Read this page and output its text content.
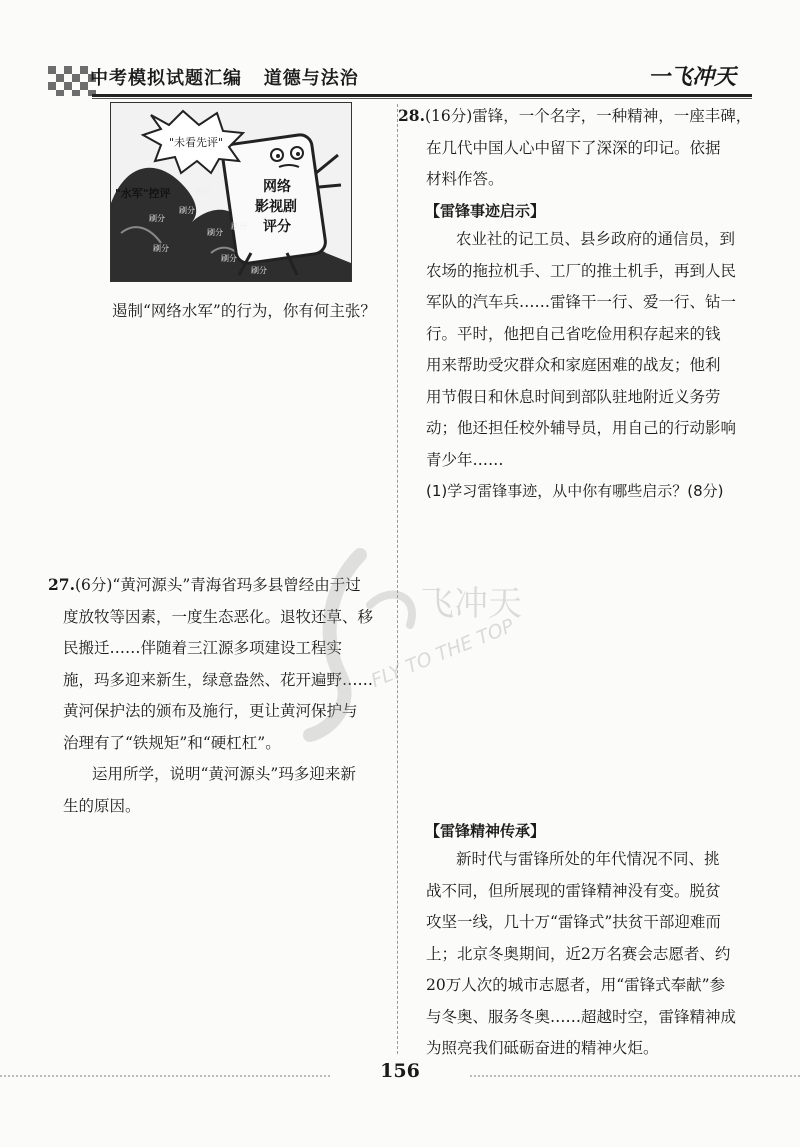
中考模拟试题汇编   道德与法治	一飞冲天
网络
影视剧
评分
"未看先评"
"水军"控评	刷分
刷分
刷分
刷分
刷分
刷分
刷分
刷分
遏制“网络水军”的行为，你有何主张？
27.(6分)“黄河源头”青海省玛多县曾经由于过
度放牧等因素，一度生态恶化。退牧还草、移
民搬迁……伴随着三江源多项建设工程实
施，玛多迎来新生，绿意盎然、花开遍野……
黄河保护法的颁布及施行，更让黄河保护与
治理有了“铁规矩”和“硬杠杠”。
运用所学，说明“黄河源头”玛多迎来新
生的原因。
28.(16分)雷锋，一个名字，一种精神，一座丰碑，
在几代中国人心中留下了深深的印记。依据
材料作答。
【雷锋事迹启示】
农业社的记工员、县乡政府的通信员，到
农场的拖拉机手、工厂的推土机手，再到人民
军队的汽车兵……雷锋干一行、爱一行、钻一
行。平时，他把自己省吃俭用积存起来的钱
用来帮助受灾群众和家庭困难的战友；他利
用节假日和休息时间到部队驻地附近义务劳
动；他还担任校外辅导员，用自己的行动影响
青少年……
(1)学习雷锋事迹，从中你有哪些启示？(8分)
【雷锋精神传承】
新时代与雷锋所处的年代情况不同、挑
战不同，但所展现的雷锋精神没有变。脱贫
攻坚一线，几十万“雷锋式”扶贫干部迎难而
上；北京冬奥期间，近2万名赛会志愿者、约
20万人次的城市志愿者，用“雷锋式奉献”参
与冬奥、服务冬奥……超越时空，雷锋精神成
为照亮我们砥砺奋进的精神火炬。
飞冲天
FLY TO THE TOP
156
